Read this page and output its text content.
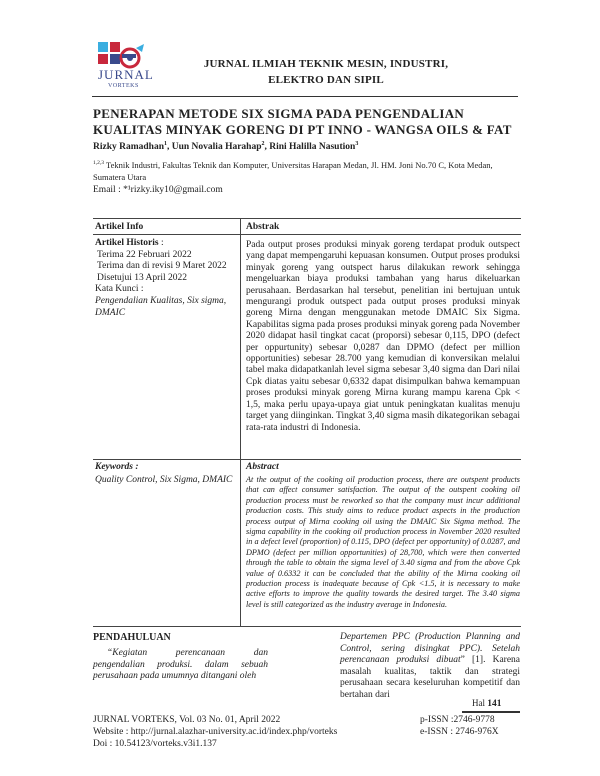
JURNAL
VORTEKS
JURNAL ILMIAH TEKNIK MESIN, INDUSTRI,
ELEKTRO DAN SIPIL
PENERAPAN METODE SIX SIGMA PADA PENGENDALIAN
KUALITAS MINYAK GORENG DI PT INNO - WANGSA OILS & FAT
Rizky Ramadhan$^1$, Uun Novalia Harahap$^2$, Rini Halilla Nasution$^3$
$^{1,2,3}$ Teknik Industri, Fakultas Teknik dan Komputer, Universitas Harapan Medan, Jl. HM. Joni No.70 C, Kota Medan, Sumatera Utara
Email : *¹rizky.iky10@gmail.com
Artikel Info	Abstrak
Artikel Historis :
Terima 22 Februari 2022
Terima dan di revisi 9 Maret 2022
Disetujui 13 April 2022
Kata Kunci :
Pengendalian Kualitas, Six sigma, DMAIC
Pada output proses produksi minyak goreng terdapat produk outspect yang dapat mempengaruhi kepuasan konsumen. Output proses produksi minyak goreng yang outspect harus dilakukan rework sehingga mengeluarkan biaya produksi tambahan yang harus dikeluarkan perusahaan. Berdasarkan hal tersebut, penelitian ini bertujuan untuk mengurangi produk outspect pada output proses produksi minyak goreng Mirna dengan menggunakan metode DMAIC Six Sigma. Kapabilitas sigma pada proses produksi minyak goreng pada November 2020 didapat hasil tingkat cacat (proporsi) sebesar 0,115, DPO (defect per oppurtunity) sebesar 0,0287 dan DPMO (defect per million opportunities) sebesar 28.700 yang kemudian di konversikan melalui tabel maka didapatkanlah level sigma sebesar 3,40 sigma dan Dari nilai Cpk diatas yaitu sebesar 0,6332 dapat disimpulkan bahwa kemampuan proses produksi minyak goreng Mirna kurang mampu karena Cpk < 1,5, maka perlu upaya-upaya giat untuk peningkatan kualitas menuju target yang diinginkan. Tingkat 3,40 sigma masih dikategorikan sebagai rata-rata industri di Indonesia.
Keywords :
Quality Control, Six Sigma, DMAIC
Abstract
At the output of the cooking oil production process, there are outspent products that can affect consumer satisfaction. The output of the outspent cooking oil production process must be reworked so that the company must incur additional production costs. This study aims to reduce product aspects in the production process output of Mirna cooking oil using the DMAIC Six Sigma method. The sigma capability in the cooking oil production process in November 2020 resulted in a defect level (proportion) of 0.115, DPO (defect per opportunity) of 0.0287, and DPMO (defect per million opportunities) of 28,700, which were then converted through the table to obtain the sigma level of 3.40 sigma and from the above Cpk value of 0.6332 it can be concluded that the ability of the Mirna cooking oil production process is inadequate because of Cpk <1.5, it is necessary to make active efforts to improve the quality towards the desired target. The 3.40 sigma level is still categorized as the industry average in Indonesia.
PENDAHULUAN
“Kegiatan perencanaan dan pengendalian produksi. dalam sebuah perusahaan pada umumnya ditangani oleh
Departemen PPC (Production Planning and Control, sering disingkat PPC). Setelah perencanaan produksi dibuat” [1]. Karena masalah kualitas, taktik dan strategi perusahaan secara keseluruhan kompetitif dan bertahan dari
Hal 141
JURNAL VORTEKS, Vol. 03 No. 01, April 2022
Website : http://jurnal.alazhar-university.ac.id/index.php/vorteks
Doi : 10.54123/vorteks.v3i1.137
p-ISSN :2746-9778
e-ISSN : 2746-976X
